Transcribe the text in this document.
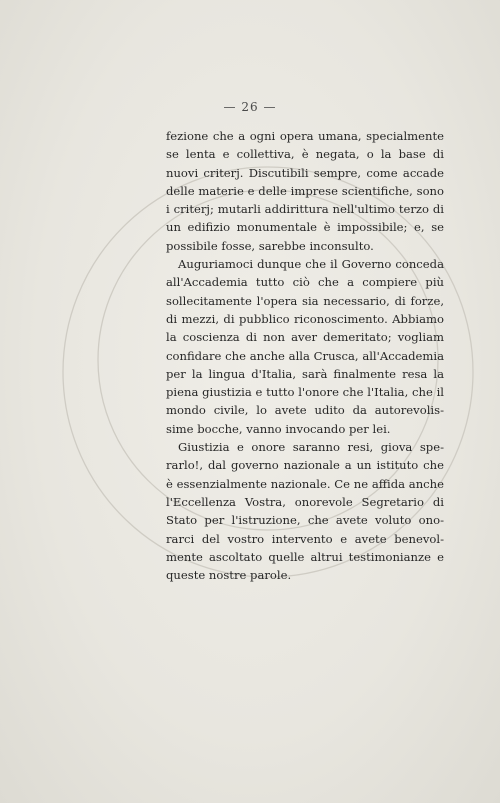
— 26 —

fezione che a ogni opera umana, specialmente se lenta e collettiva, è negata, o la base di nuovi criterj. Discutibili sempre, come accade delle materie e delle imprese scientifiche, sono i criterj; mutarli addirittura nell'ultimo terzo di un edifizio monumentale è impossibile; e, se possibile fosse, sarebbe inconsulto.

Auguriamoci dunque che il Governo conceda all'Accademia tutto ciò che a compiere più sollecitamente l'opera sia necessario, di forze, di mezzi, di pubblico riconoscimento. Abbiamo la coscienza di non aver demeritato; vogliam confidare che anche alla Crusca, all'Accademia per la lingua d'Italia, sarà finalmente resa la piena giustizia e tutto l'onore che l'Italia, che il mondo civile, lo avete udito da autorevolis- sime bocche, vanno invocando per lei.

Giustizia e onore saranno resi, giova spe- rarlo!, dal governo nazionale a un istituto che è essenzialmente nazionale. Ce ne affida anche l'Eccellenza Vostra, onorevole Segretario di Stato per l'istruzione, che avete voluto ono- rarci del vostro intervento e avete benevol- mente ascoltato quelle altrui testimonianze e queste nostre parole.
